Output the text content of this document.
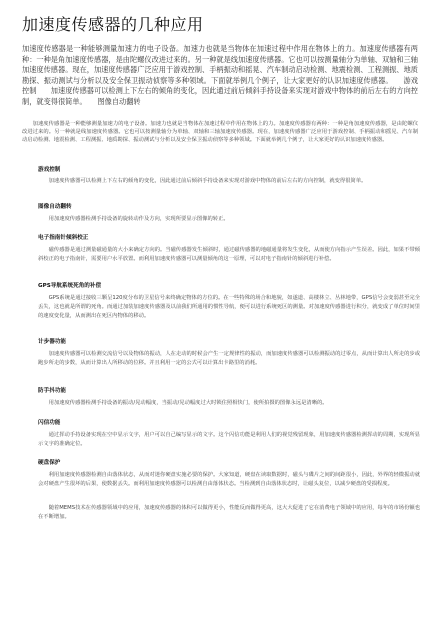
加速度传感器的几种应用
加速度传感器是一种能够测量加速力的电子设备。加速力也就是当物体在加速过程中作用在物体上的力。加速度传感器有两种：一种是角加速度传感器，是由陀螺仪改进过来的。另一种就是线加速度传感器。它也可以按测量轴分为单轴、双轴和三轴加速度传感器。现在，加速度传感器广泛应用于游戏控制、手柄振动和摇晃、汽车制动启动检测、地震检测、工程测振、地质勘探、振动测试与分析以及安全保卫振动侦察等多种领域。下面就举例几个例子，让大家更好的认识加速度传感器。　　游戏控制　　加速度传感器可以检测上下左右的倾角的变化，因此通过前后倾斜手持设备来实现对游戏中物体的前后左右的方向控制，就变得很简单。　　图像自动翻转
加速度传感器是一种能够测量加速力的电子设备。加速力也就是当物体在加速过程中作用在物体上的力。加速度传感器有两种：一种是角加速度传感器，是由陀螺仪改进过来的。另一种就是线加速度传感器。它也可以按测量轴分为单轴、双轴和三轴加速度传感器。现在，加速度传感器广泛应用于游戏控制、手柄振动和摇晃、汽车制动启动检测、地震检测、工程测振、地质勘探、振动测试与分析以及安全保卫振动侦察等多种领域。下面就举例几个例子，让大家更好的认识加速度传感器。
游戏控制
加速度传感器可以检测上下左右的倾角的变化，因此通过前后倾斜手持设备来实现对游戏中物体的前后左右的方向控制，就变得很简单。
图像自动翻转
用加速度传感器检测手持设备的旋转动作及方向，实现所要显示图像的转正。
电子指南针倾斜校正
磁传感器是通过测量磁通量的大小来确定方向的。当磁传感器发生倾斜时，通过磁传感器的地磁通量将发生变化，从而使方向指示产生误差。因此，如果不带倾斜校正的电子指南针，需要用户水平放置。而利用加速度传感器可以测量倾角的这一原理，可以对电子指南针的倾斜进行补偿。
GPS导航系统死角的补偿
GPS系统是通过接收三颗呈120度分布的卫星信号来终确定物体的方位的。在一些特殊的场合和地貌，如遂道、高楼林立、丛林地带，GPS信号会变弱甚至完全丢失，这也就是所谓的死角。而通过加装加速度传感器及以前我们所通用的惯性导航，便可以进行系统死区的测量。对加速度传感器进行积分，就变成了单位时间里的速度变化量，从而测出在死区内物体的移动。
计步器功能
加速度传感器可以检测交流信号以及物体的振动，人在走动的时候会产生一定规律性的振动，而加速度传感器可以检测振动的过零点，从而计算出人所走的步或跑步所走的步数，从而计算出人所移动的位移。并且利用一定的公式可以计算出卡路里的消耗。
防手抖功能
用加速度传感器检测手持设备的振动/晃动幅度，当振动/晃动幅度过大时锁住照相快门，使所拍摄的图像永远是清晰的。
闪信功能
通过挥动手持设备实现在空中显示文字，用户可以自己编写显示的文字。这个闪信功能是利用人们的视觉残留现象，用加速度传感器检测挥动的周期，实现所显示文字的准确定位。
硬盘保护
利用加速度传感器检测自由落体状态，从而对迷你硬盘实施必要的保护。大家知道，硬盘在读取数据时，磁头与碟片之间的间距很小，因此，外界的轻微振动就会对硬盘产生很坏的后果，使数据丢失。而利用加速度传感器可以检测自由落体状态。当检测到自由落体状态时，让磁头复位，以减少硬盘的受损程度。
随着MEMS技术在传感器领域中的应用，加速度传感器的体积可以做得更小，性能反而做得更高，这大大促进了它在消费电子领域中的应用，每年的市场份额也在不断增加。
